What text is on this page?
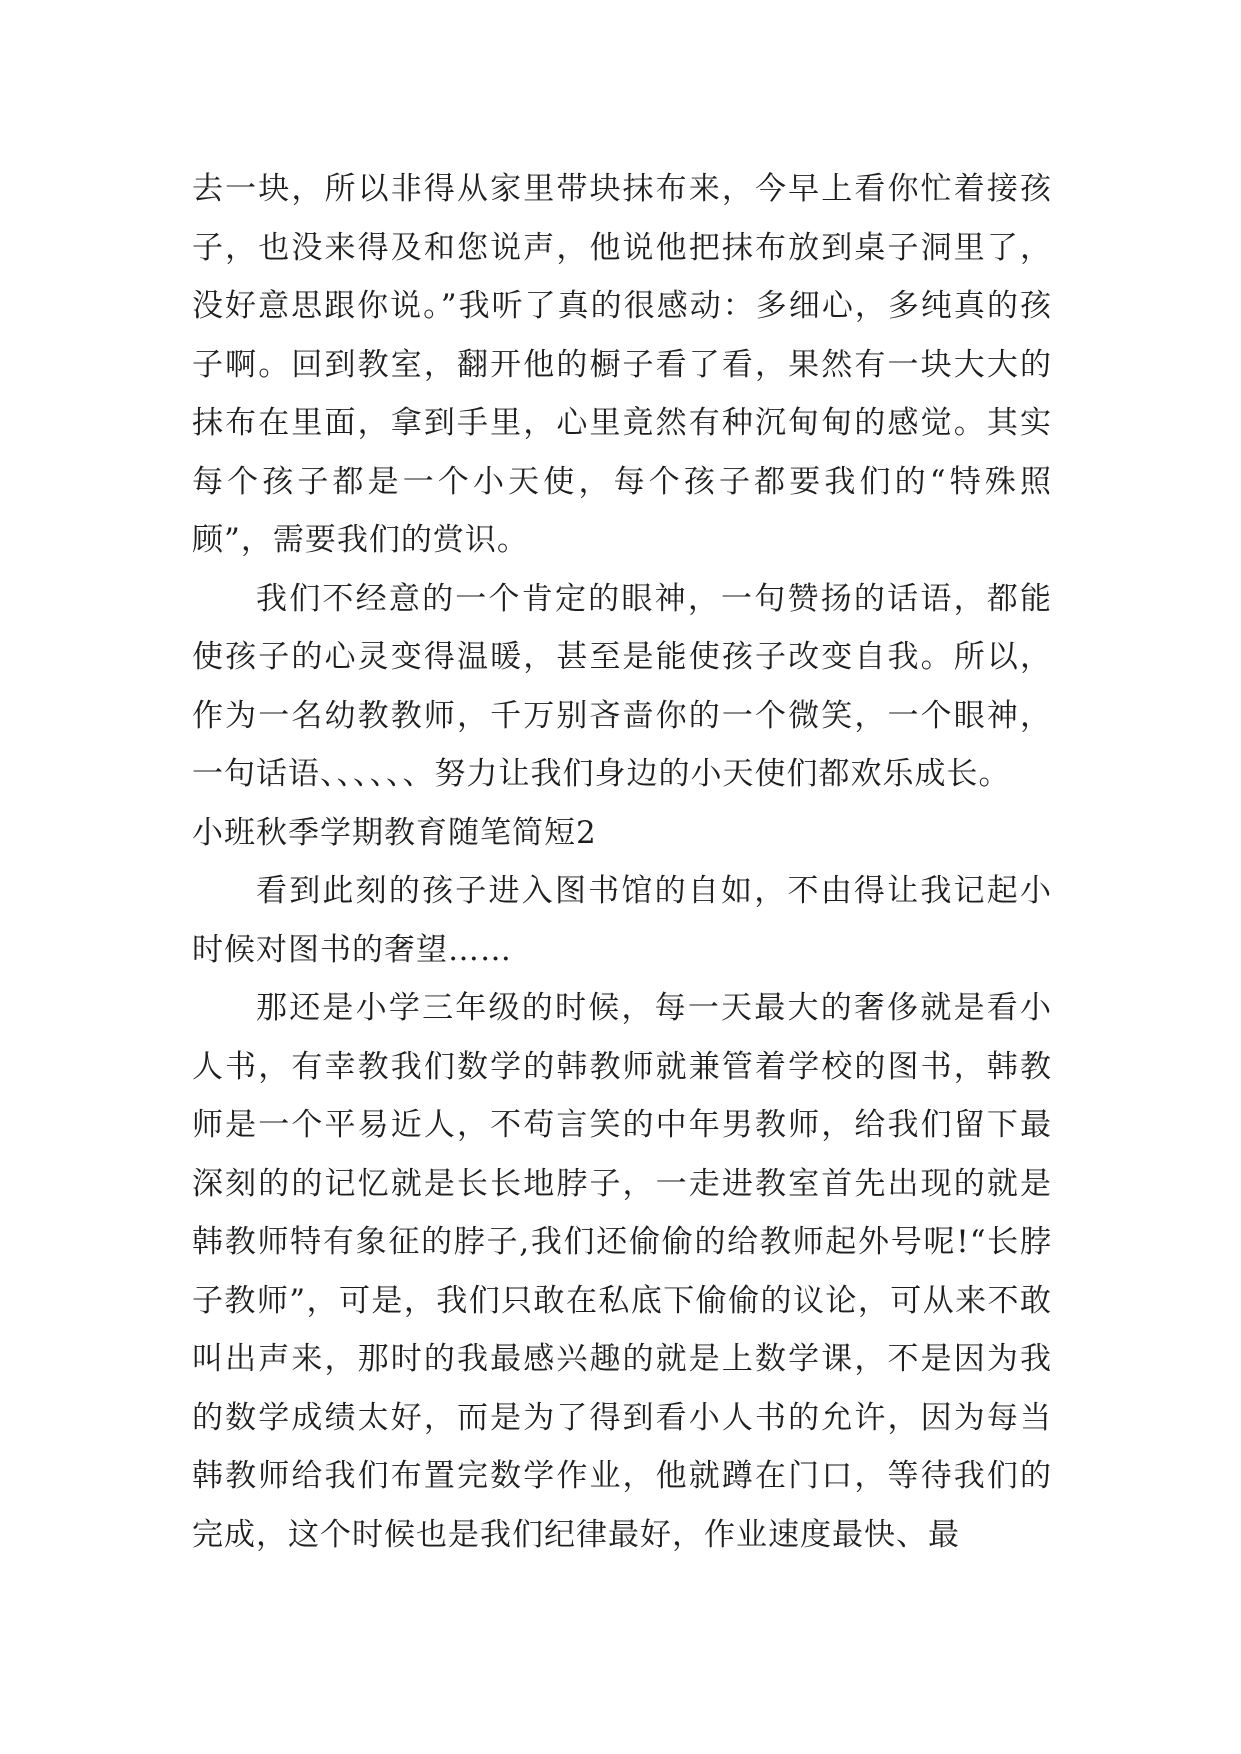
去一块，所以非得从家里带块抹布来，今早上看你忙着接孩子，也没来得及和您说声，他说他把抹布放到桌子洞里了，没好意思跟你说。”我听了真的很感动：多细心，多纯真的孩子啊。回到教室，翻开他的橱子看了看，果然有一块大大的抹布在里面，拿到手里，心里竟然有种沉甸甸的感觉。其实每个孩子都是一个小天使，每个孩子都要我们的“特殊照顾”，需要我们的赏识。

我们不经意的一个肯定的眼神，一句赞扬的话语，都能使孩子的心灵变得温暖，甚至是能使孩子改变自我。所以，作为一名幼教教师，千万别吝啬你的一个微笑，一个眼神，一句话语、、、、、、努力让我们身边的小天使们都欢乐成长。

小班秋季学期教育随笔简短2

看到此刻的孩子进入图书馆的自如，不由得让我记起小时候对图书的奢望……

那还是小学三年级的时候，每一天最大的奢侈就是看小人书，有幸教我们数学的韩教师就兼管着学校的图书，韩教师是一个平易近人，不苟言笑的中年男教师，给我们留下最深刻的的记忆就是长长地脖子，一走进教室首先出现的就是韩教师特有象征的脖子,我们还偷偷的给教师起外号呢!“长脖子教师”，可是，我们只敢在私底下偷偷的议论，可从来不敢叫出声来，那时的我最感兴趣的就是上数学课，不是因为我的数学成绩太好，而是为了得到看小人书的允许，因为每当韩教师给我们布置完数学作业，他就蹲在门口，等待我们的完成，这个时候也是我们纪律最好，作业速度最快、最
